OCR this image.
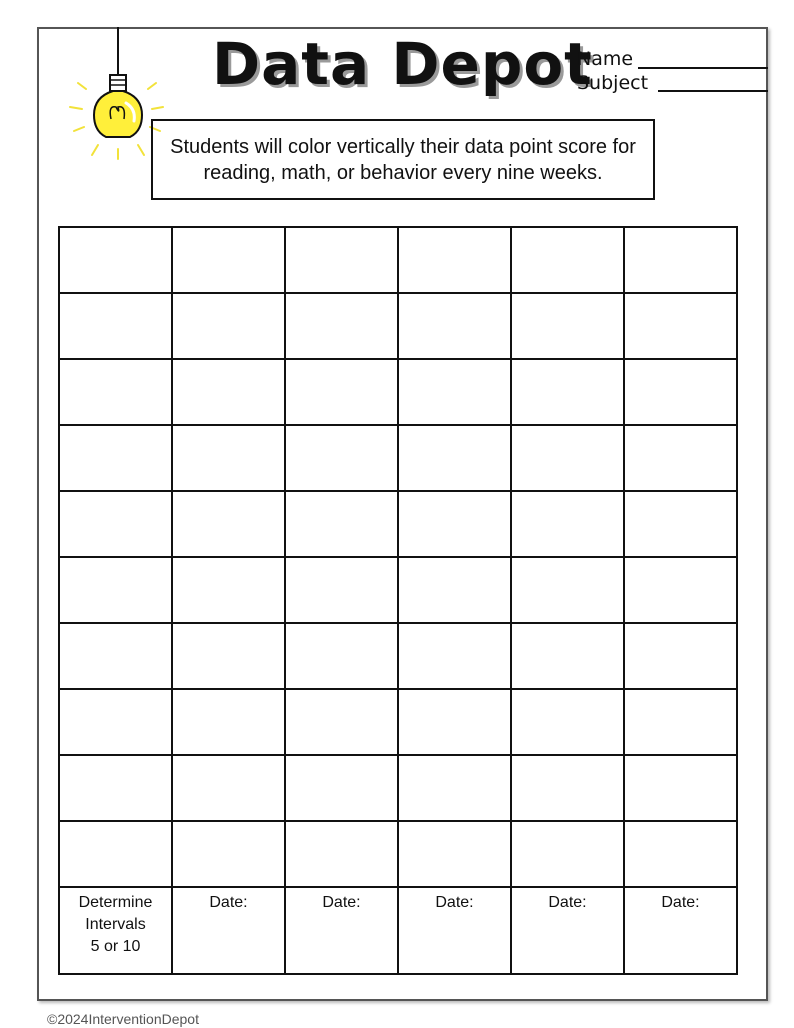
Data Depot
Name
Subject
Students will color vertically their data point score for reading, math, or behavior every nine weeks.

Determine
Intervals
5 or 10	Date:	Date:	Date:	Date:	Date:
©2024InterventionDepot
